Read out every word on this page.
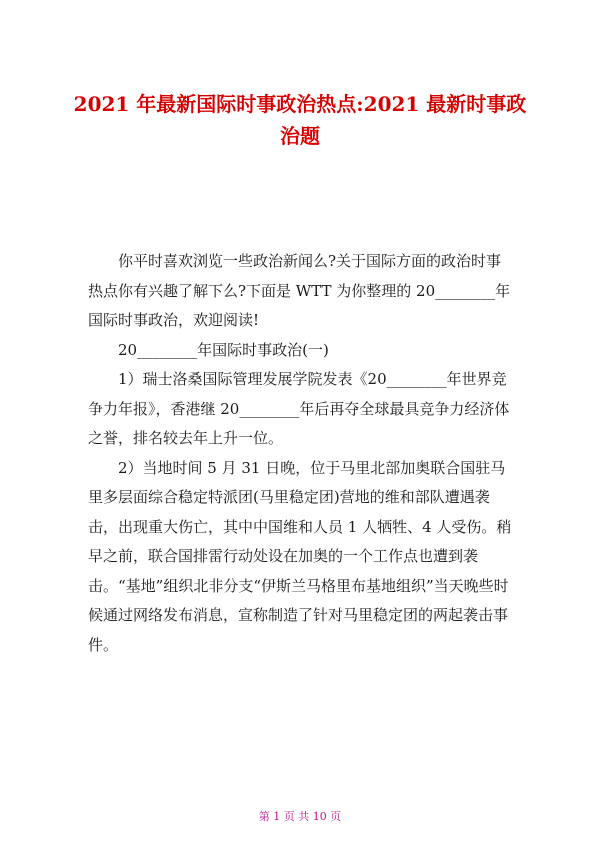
2021 年最新国际时事政治热点:2021 最新时事政治题

你平时喜欢浏览一些政治新闻么?关于国际方面的政治时事热点你有兴趣了解下么?下面是 WTT 为你整理的 20________年国际时事政治，欢迎阅读!

20________年国际时事政治(一)

1）瑞士洛桑国际管理发展学院发表《20________年世界竞争力年报》，香港继 20________年后再夺全球最具竞争力经济体之誉，排名较去年上升一位。

2）当地时间 5 月 31 日晚，位于马里北部加奥联合国驻马里多层面综合稳定特派团(马里稳定团)营地的维和部队遭遇袭击，出现重大伤亡，其中中国维和人员 1 人牺牲、4 人受伤。稍早之前，联合国排雷行动处设在加奥的一个工作点也遭到袭击。“基地”组织北非分支“伊斯兰马格里布基地组织”当天晚些时候通过网络发布消息，宣称制造了针对马里稳定团的两起袭击事件。

第 1 页 共 10 页
